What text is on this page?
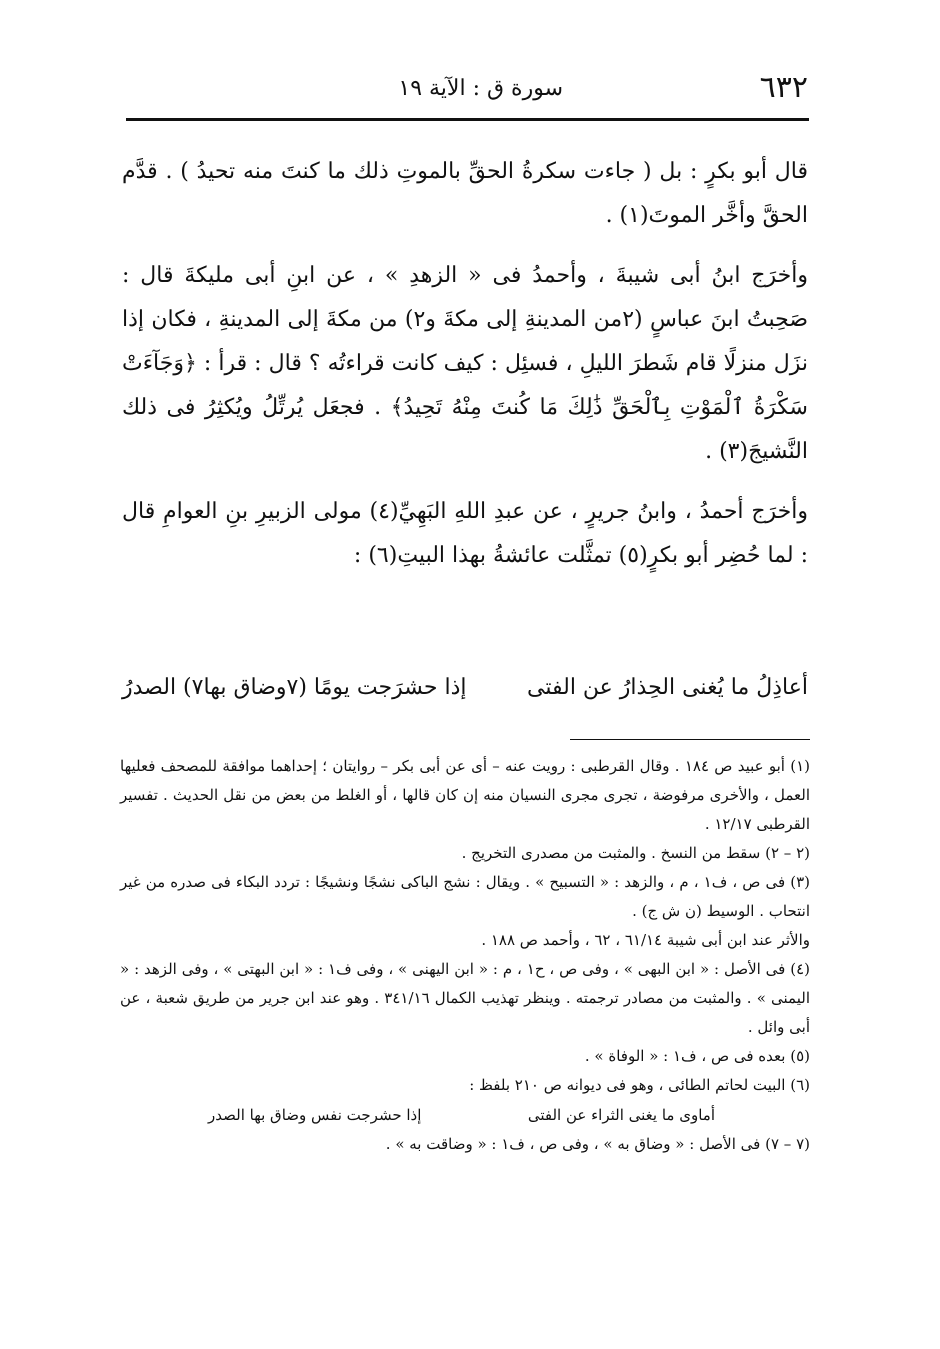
٦٣٢
سورة ق : الآية ١٩

قال أبو بكرٍ : بل ( جاءت سكرةُ الحقِّ بالموتِ ذلك ما كنتَ منه تحيدُ ) . قدَّم الحقَّ وأخَّر الموتَ(١) .

وأخرَج ابنُ أبى شيبةَ ، وأحمدُ فى « الزهدِ » ، عن ابنِ أبى مليكةَ قال : صَحِبتُ ابنَ عباسٍ (٢من المدينةِ إلى مكةَ و٢) من مكةَ إلى المدينةِ ، فكان إذا نزَل منزلًا قام شَطرَ الليلِ ، فسئِل : كيف كانت قراءتُه ؟ قال : قرأ : ﴿وَجَآءَتْ سَكْرَةُ ٱلْمَوْتِ بِٱلْحَقِّ ذَٰلِكَ مَا كُنتَ مِنْهُ تَحِيدُ﴾ . فجعَل يُرتِّلُ ويُكثِرُ فى ذلك النَّشيجَ(٣) .

وأخرَج أحمدُ ، وابنُ جريرٍ ، عن عبدِ اللهِ البَهِيِّ(٤) مولى الزبيرِ بنِ العوامِ قال : لما حُضِر أبو بكرٍ(٥) تمثَّلت عائشةُ بهذا البيتِ(٦) :

أعاذِلُ ما يُغنى الحِذارُ عن الفتى
إذا حشرَجت يومًا (٧وضاق بها٧) الصدرُ

(١) أبو عبيد ص ١٨٤ . وقال القرطبى : رويت عنه – أى عن أبى بكر – روايتان ؛ إحداهما موافقة للمصحف فعليها العمل ، والأخرى مرفوضة ، تجرى مجرى النسيان منه إن كان قالها ، أو الغلط من بعض من نقل الحديث . تفسير القرطبى ١٢/١٧ .

(٢ – ٢) سقط من النسخ . والمثبت من مصدرى التخريج .

(٣) فى ص ، ف١ ، م ، والزهد : « التسبيح » . ويقال : نشج الباكى نشجًا ونشيجًا : تردد البكاء فى صدره من غير انتحاب . الوسيط (ن ش ج) .

والأثر عند ابن أبى شيبة ٦١/١٤ ، ٦٢ ، وأحمد ص ١٨٨ .

(٤) فى الأصل : « ابن البهى » ، وفى ص ، ح١ ، م : « ابن اليهنى » ، وفى ف١ : « ابن البهتى » ، وفى الزهد : « اليمنى » . والمثبت من مصادر ترجمته . وينظر تهذيب الكمال ٣٤١/١٦ . وهو عند ابن جرير من طريق شعبة ، عن أبى وائل .

(٥) بعده فى ص ، ف١ : « الوفاة » .

(٦) البيت لحاتم الطائى ، وهو فى ديوانه ص ٢١٠ بلفظ :

أماوى ما يغنى الثراء عن الفتى
إذا حشرجت نفس وضاق بها الصدر

(٧ – ٧) فى الأصل : « وضاق به » ، وفى ص ، ف١ : « وضاقت به » .
